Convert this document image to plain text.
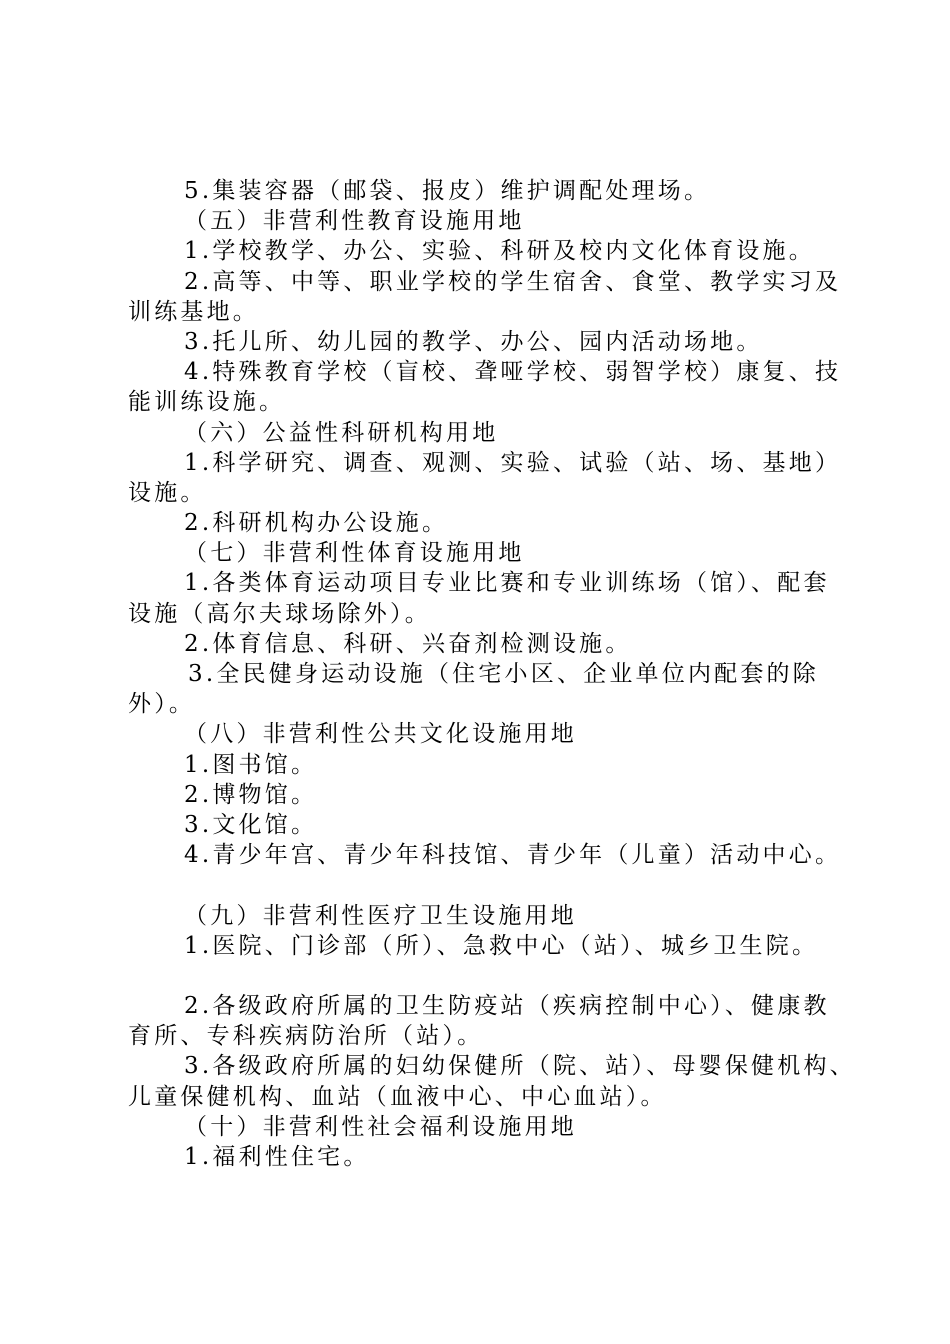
5.集装容器（邮袋、报皮）维护调配处理场。
（五）非营利性教育设施用地
1.学校教学、办公、实验、科研及校内文化体育设施。
2.高等、中等、职业学校的学生宿舍、食堂、教学实习及
训练基地。
3.托儿所、幼儿园的教学、办公、园内活动场地。
4.特殊教育学校（盲校、聋哑学校、弱智学校）康复、技
能训练设施。
（六）公益性科研机构用地
1.科学研究、调查、观测、实验、试验（站、场、基地）
设施。
2.科研机构办公设施。
（七）非营利性体育设施用地
1.各类体育运动项目专业比赛和专业训练场（馆）、配套
设施（高尔夫球场除外）。
2.体育信息、科研、兴奋剂检测设施。
3.全民健身运动设施（住宅小区、企业单位内配套的除
外）。
（八）非营利性公共文化设施用地
1.图书馆。
2.博物馆。
3.文化馆。
4.青少年宫、青少年科技馆、青少年（儿童）活动中心。
（九）非营利性医疗卫生设施用地
1.医院、门诊部（所）、急救中心（站）、城乡卫生院。
2.各级政府所属的卫生防疫站（疾病控制中心）、健康教
育所、专科疾病防治所（站）。
3.各级政府所属的妇幼保健所（院、站）、母婴保健机构、
儿童保健机构、血站（血液中心、中心血站）。
（十）非营利性社会福利设施用地
1.福利性住宅。
